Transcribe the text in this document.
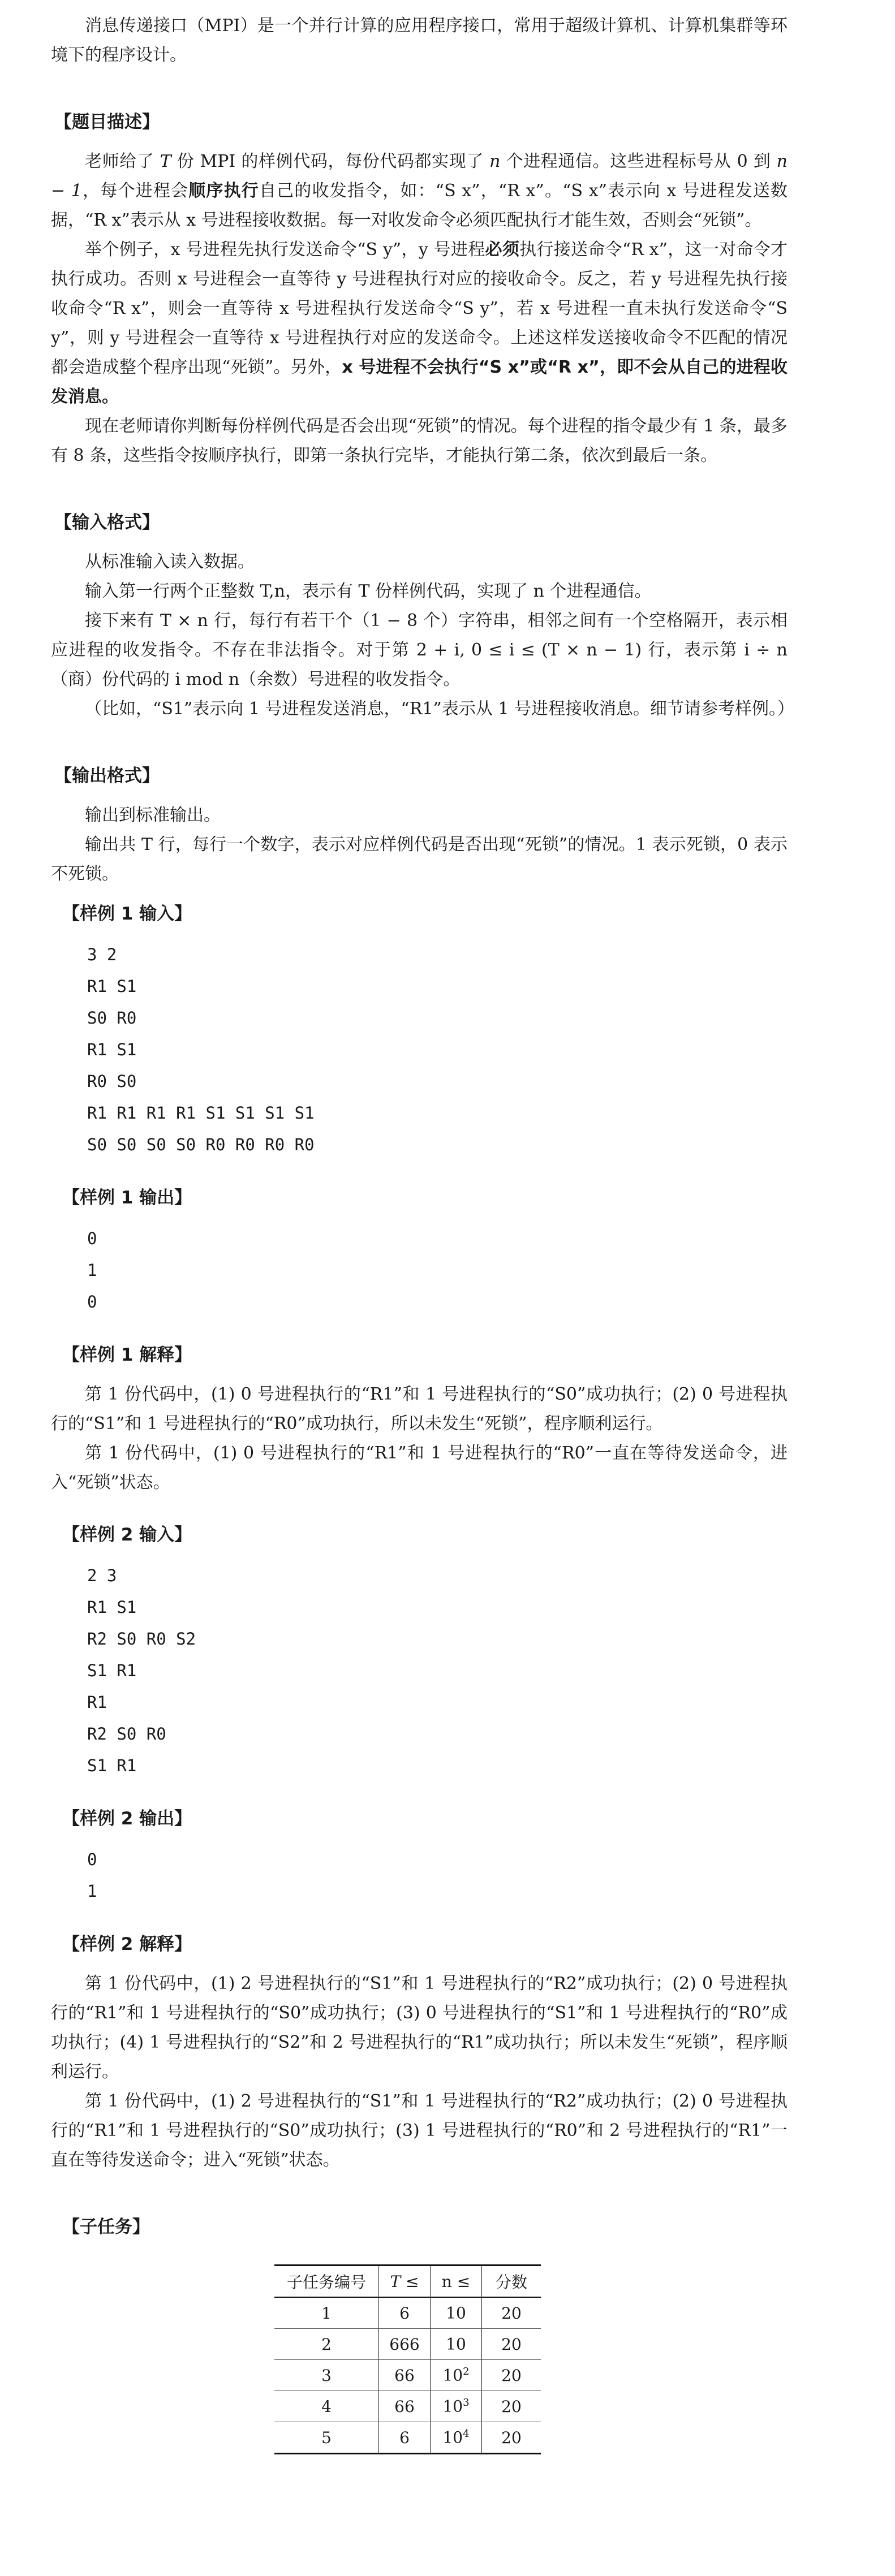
消息传递接口（MPI）是一个并行计算的应用程序接口，常用于超级计算机、计算机集群等环境下的程序设计。

【题目描述】

老师给了 T 份 MPI 的样例代码，每份代码都实现了 n 个进程通信。这些进程标号从 0 到 n − 1，每个进程会顺序执行自己的收发指令，如：“S x”，“R x”。“S x”表示向 x 号进程发送数据，“R x”表示从 x 号进程接收数据。每一对收发命令必须匹配执行才能生效，否则会“死锁”。

举个例子，x 号进程先执行发送命令“S y”，y 号进程必须执行接送命令“R x”，这一对命令才执行成功。否则 x 号进程会一直等待 y 号进程执行对应的接收命令。反之，若 y 号进程先执行接收命令“R x”，则会一直等待 x 号进程执行发送命令“S y”，若 x 号进程一直未执行发送命令“S y”，则 y 号进程会一直等待 x 号进程执行对应的发送命令。上述这样发送接收命令不匹配的情况都会造成整个程序出现“死锁”。另外，x 号进程不会执行“S x”或“R x”，即不会从自己的进程收发消息。

现在老师请你判断每份样例代码是否会出现“死锁”的情况。每个进程的指令最少有 1 条，最多有 8 条，这些指令按顺序执行，即第一条执行完毕，才能执行第二条，依次到最后一条。

【输入格式】

从标准输入读入数据。

输入第一行两个正整数 T,n，表示有 T 份样例代码，实现了 n 个进程通信。

接下来有 T × n 行，每行有若干个（1 − 8 个）字符串，相邻之间有一个空格隔开，表示相应进程的收发指令。不存在非法指令。对于第 2 + i, 0 ≤ i ≤ (T × n − 1) 行，表示第 i ÷ n（商）份代码的 i mod n（余数）号进程的收发指令。

（比如，“S1”表示向 1 号进程发送消息，“R1”表示从 1 号进程接收消息。细节请参考样例。）

【输出格式】

输出到标准输出。

输出共 T 行，每行一个数字，表示对应样例代码是否出现“死锁”的情况。1 表示死锁，0 表示不死锁。

【样例 1 输入】
3 2
R1 S1
S0 R0
R1 S1
R0 S0
R1 R1 R1 R1 S1 S1 S1 S1
S0 S0 S0 S0 R0 R0 R0 R0
【样例 1 输出】
0
1
0
【样例 1 解释】

第 1 份代码中，(1) 0 号进程执行的“R1”和 1 号进程执行的“S0”成功执行；(2) 0 号进程执行的“S1”和 1 号进程执行的“R0”成功执行，所以未发生“死锁”，程序顺利运行。

第 1 份代码中，(1) 0 号进程执行的“R1”和 1 号进程执行的“R0”一直在等待发送命令，进入“死锁”状态。

【样例 2 输入】
2 3
R1 S1
R2 S0 R0 S2
S1 R1
R1
R2 S0 R0
S1 R1
【样例 2 输出】
0
1
【样例 2 解释】

第 1 份代码中，(1) 2 号进程执行的“S1”和 1 号进程执行的“R2”成功执行；(2) 0 号进程执行的“R1”和 1 号进程执行的“S0”成功执行；(3) 0 号进程执行的“S1”和 1 号进程执行的“R0”成功执行；(4) 1 号进程执行的“S2”和 2 号进程执行的“R1”成功执行；所以未发生“死锁”，程序顺利运行。

第 1 份代码中，(1) 2 号进程执行的“S1”和 1 号进程执行的“R2”成功执行；(2) 0 号进程执行的“R1”和 1 号进程执行的“S0”成功执行；(3) 1 号进程执行的“R0”和 2 号进程执行的“R1”一直在等待发送命令；进入“死锁”状态。

【子任务】
子任务编号	T ≤	n ≤	分数
1	6	10	20
2	666	10	20
3	66	$10^2$	20
4	66	$10^3$	20
5	6	$10^4$	20
